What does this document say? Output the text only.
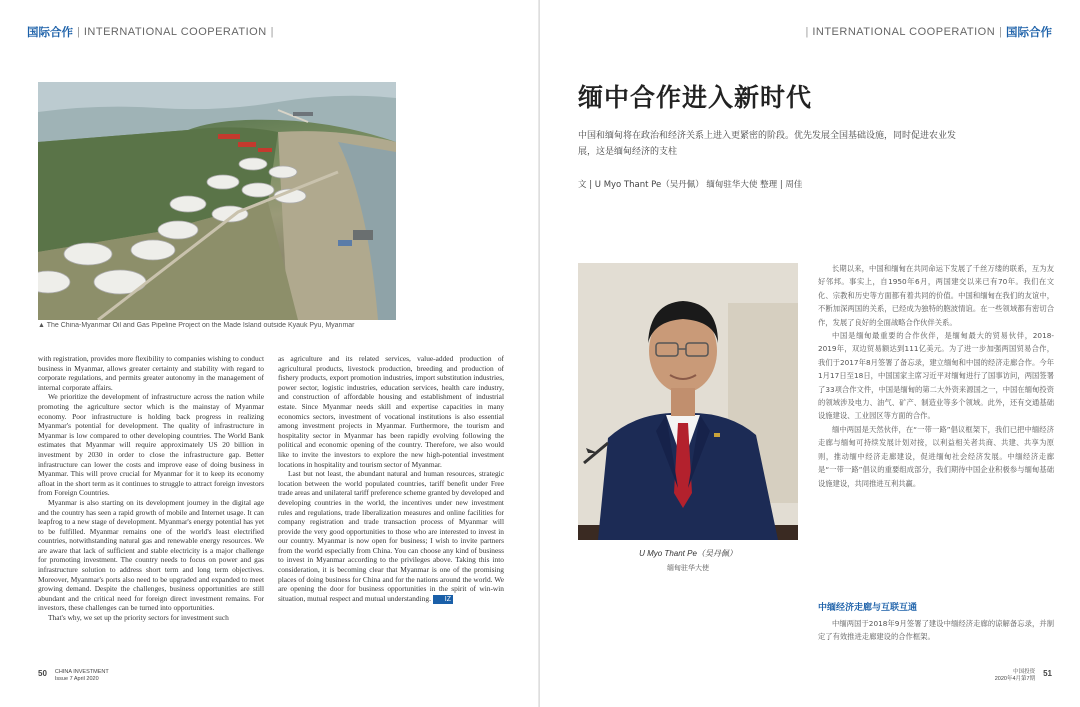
国际合作 | INTERNATIONAL COOPERATION |
▲ The China-Myanmar Oil and Gas Pipeline Project on the Made Island outside Kyauk Pyu, Myanmar

with registration, provides more flexibility to companies wishing to conduct business in Myanmar, allows greater certainty and stability with regard to corporate regulations, and permits greater autonomy in the management of internal corporate affairs.

We prioritize the development of infrastructure across the nation while promoting the agriculture sector which is the mainstay of Myanmar economy. Poor infrastructure is holding back progress in realizing Myanmar's potential for development. The quality of infrastructure in Myanmar is low compared to other developing countries. The World Bank estimates that Myanmar will require approximately US 20 billion in investment by 2030 in order to close the infrastructure gap. Better infrastructure can lower the costs and improve ease of doing business in Myanmar. This will prove crucial for Myanmar for it to keep its economy afloat in the short term as it continues to struggle to attract foreign investors from Foreign Countries.

Myanmar is also starting on its development journey in the digital age and the country has seen a rapid growth of mobile and Internet usage. It can leapfrog to a new stage of development. Myanmar's energy potential has yet to be fulfilled. Myanmar remains one of the world's least electrified countries, notwithstanding natural gas and renewable energy resources. We are aware that lack of sufficient and stable electricity is a major challenge for promoting investment. The country needs to focus on power and gas infrastructure solution to address short term and long term objectives. Moreover, Myanmar's ports also need to be upgraded and expanded to meet growing demand. Despite the challenges, business opportunities are still abundant and the critical need for foreign direct investment remains. For investors, these challenges can be turned into opportunities.

That's why, we set up the priority sectors for investment such

as agriculture and its related services, value-added production of agricultural products, livestock production, breeding and production of fishery products, export promotion industries, import substitution industries, power sector, logistic industries, education services, health care industry, and construction of affordable housing and establishment of industrial estate. Since Myanmar needs skill and expertise capacities in many economics sectors, investment of vocational institutions is also essential among investment projects in Myanmar. Furthermore, the tourism and hospitality sector in Myanmar has been rapidly evolving following the political and economic opening of the country. Therefore, we also would like to invite the investors to explore the new high-potential investment locations in hospitality and tourism sector of Myanmar.

Last but not least, the abundant natural and human resources, strategic location between the world populated countries, tariff benefit under Free trade areas and unilateral tariff preference scheme granted by developed and developing countries in the world, the incentives under new investment rules and regulations, trade liberalization measures and online facilities for company registration and trade transaction process of Myanmar will provide the very good opportunities to those who are interested to invest in our country. Myanmar is now open for business; I wish to invite partners from the world especially from China. You can choose any kind of business to invest in Myanmar according to the privileges above. Taking this into consideration, it is becoming clear that Myanmar is one of the promising places of doing business for China and for the nations around the world. We are opening the door for business opportunities in the spirit of win-win situation, mutual respect and mutual understanding. IZ

50 CHINA INVESTMENT
Issue 7 April 2020
| INTERNATIONAL COOPERATION | 国际合作
缅中合作进入新时代

中国和缅甸将在政治和经济关系上进入更紧密的阶段。优先发展全国基础设施，同时促进农业发展，这是缅甸经济的支柱

文 | U Myo Thant Pe（吴丹佩） 缅甸驻华大使 整理 | 周佳

U Myo Thant Pe（吴丹佩）
缅甸驻华大使

长期以来，中国和缅甸在共同命运下发展了千丝万缕的联系，互为友好邻邦。事实上，自1950年6月，两国建交以来已有70年。我们在文化、宗教和历史等方面都有着共同的价值。中国和缅甸在我们的友谊中，不断加深两国的关系，已经成为独特的胞波情谊。在一些领域都有密切合作，发展了良好的全面战略合作伙伴关系。

中国是缅甸最重要的合作伙伴，是缅甸最大的贸易伙伴，2018-2019年，双边贸易额达到111亿美元。为了进一步加强两国贸易合作，我们于2017年8月签署了备忘录，建立缅甸和中国的经济走廊合作。今年1月17日至18日，中国国家主席习近平对缅甸进行了国事访问，两国签署了33项合作文件，中国是缅甸的第二大外资来源国之一，中国在缅甸投资的领域涉及电力、油气、矿产、制造业等多个领域。此外，还有交通基础设施建设、工业园区等方面的合作。

缅中两国是天然伙伴，在“一带一路”倡议框架下，我们已把中缅经济走廊与缅甸可持续发展计划对接，以利益相关者共商、共建、共享为原则，推动缅中经济走廊建设，促进缅甸社会经济发展。中缅经济走廊是“一带一路”倡议的重要组成部分，我们期待中国企业积极参与缅甸基础设施建设，共同推进互利共赢。

中缅经济走廊与互联互通

中缅两国于2018年9月签署了建设中缅经济走廊的谅解备忘录，并制定了有效推进走廊建设的合作框架。

中国投资
2020年4月第7期
51
